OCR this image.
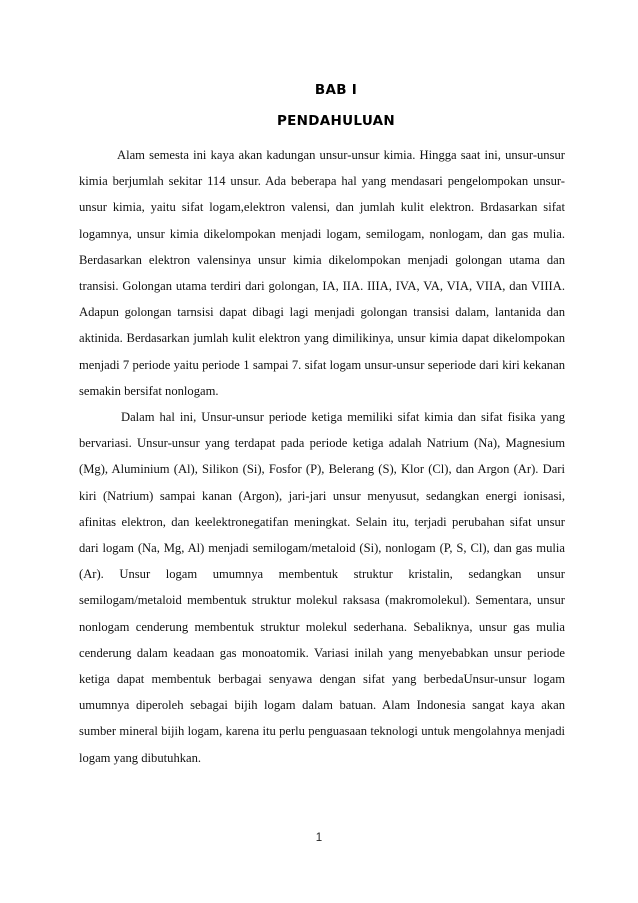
BAB I
PENDAHULUAN

Alam semesta ini kaya akan kadungan unsur-unsur kimia. Hingga saat ini, unsur-unsur kimia berjumlah sekitar 114 unsur. Ada beberapa hal yang mendasari pengelompokan unsur-unsur kimia, yaitu sifat logam,elektron valensi, dan jumlah kulit elektron. Brdasarkan sifat logamnya, unsur kimia dikelompokan menjadi logam, semilogam, nonlogam, dan gas mulia. Berdasarkan elektron valensinya unsur kimia dikelompokan menjadi golongan utama dan transisi. Golongan utama terdiri dari golongan, IA, IIA. IIIA, IVA, VA, VIA, VIIA, dan VIIIA. Adapun golongan tarnsisi dapat dibagi lagi menjadi golongan transisi dalam, lantanida dan aktinida. Berdasarkan jumlah kulit elektron yang dimilikinya, unsur kimia dapat dikelompokan menjadi 7 periode yaitu periode 1 sampai 7. sifat logam unsur-unsur seperiode dari kiri kekanan semakin bersifat nonlogam.

Dalam hal ini, Unsur-unsur periode ketiga memiliki sifat kimia dan sifat fisika yang bervariasi. Unsur-unsur yang terdapat pada periode ketiga adalah Natrium (Na), Magnesium (Mg), Aluminium (Al), Silikon (Si), Fosfor (P), Belerang (S), Klor (Cl), dan Argon (Ar). Dari kiri (Natrium) sampai kanan (Argon), jari-jari unsur menyusut, sedangkan energi ionisasi, afinitas elektron, dan keelektronegatifan meningkat. Selain itu, terjadi perubahan sifat unsur dari logam (Na, Mg, Al) menjadi semilogam/metaloid (Si), nonlogam (P, S, Cl), dan gas mulia (Ar). Unsur logam umumnya membentuk struktur kristalin, sedangkan unsur semilogam/metaloid membentuk struktur molekul raksasa (makromolekul). Sementara, unsur nonlogam cenderung membentuk struktur molekul sederhana. Sebaliknya, unsur gas mulia cenderung dalam keadaan gas monoatomik. Variasi inilah yang menyebabkan unsur periode ketiga dapat membentuk berbagai senyawa dengan sifat yang berbedaUnsur-unsur logam umumnya diperoleh sebagai bijih logam dalam batuan. Alam Indonesia sangat kaya akan sumber mineral bijih logam, karena itu perlu penguasaan teknologi untuk mengolahnya menjadi logam yang dibutuhkan.

1
